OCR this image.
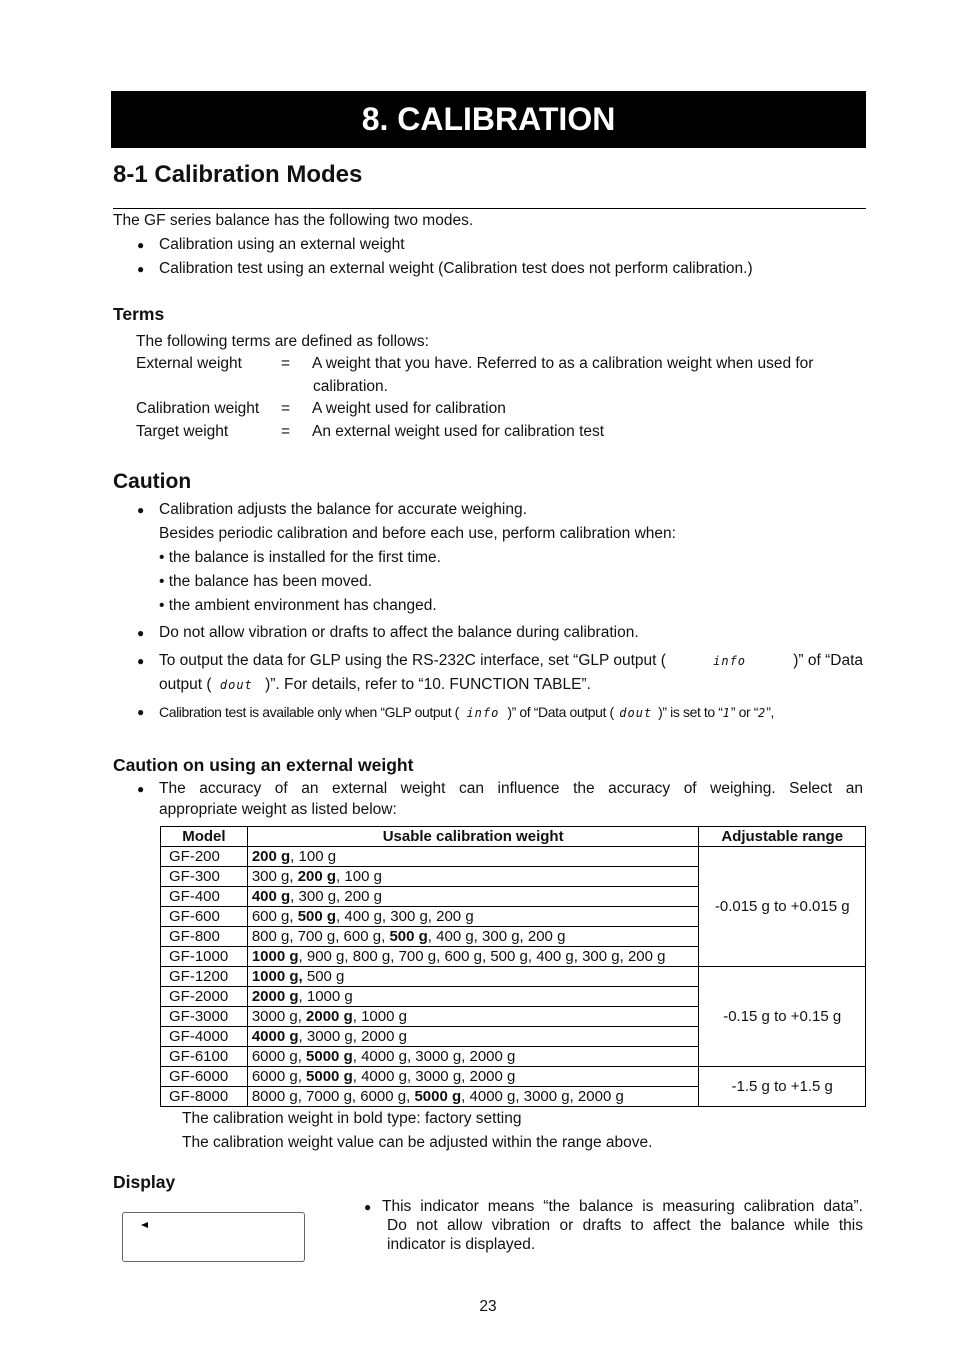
8. CALIBRATION
8-1 Calibration Modes
The GF series balance has the following two modes.
● Calibration using an external weight
● Calibration test using an external weight (Calibration test does not perform calibration.)
Terms
The following terms are defined as follows:
External weight	= A weight that you have. Referred to as a calibration weight when used for
calibration.
Calibration weight = A weight used for calibration
Target weight	= An external weight used for calibration test
Caution
● Calibration adjusts the balance for accurate weighing.
Besides periodic calibration and before each use, perform calibration when:
• the balance is installed for the first time.
• the balance has been moved.
• the ambient environment has changed.
● Do not allow vibration or drafts to affect the balance during calibration.
● To output the data for GLP using the RS-232C interface, set “GLP output (	info	)” of “Data
output ( dout )”. For details, refer to “10. FUNCTION TABLE”.
● Calibration test is available only when “GLP output ( info )” of “Data output ( dout )” is set to “1” or “2”,
Caution on using an external weight
● The accuracy of an external weight can influence the accuracy of weighing. Select an
appropriate weight as listed below:
Model	Usable calibration weight	Adjustable range
GF-200	200 g, 100 g	-0.015 g to +0.015 g
GF-300	300 g, 200 g, 100 g	
GF-400	400 g, 300 g, 200 g	
GF-600	600 g, 500 g, 400 g, 300 g, 200 g	
GF-800	800 g, 700 g, 600 g, 500 g, 400 g, 300 g, 200 g	
GF-1000	1000 g, 900 g, 800 g, 700 g, 600 g, 500 g, 400 g, 300 g, 200 g	
GF-1200	1000 g, 500 g	-0.15 g to +0.15 g
GF-2000	2000 g, 1000 g	
GF-3000	3000 g, 2000 g, 1000 g	
GF-4000	4000 g, 3000 g, 2000 g	
GF-6100	6000 g, 5000 g, 4000 g, 3000 g, 2000 g	
GF-6000	6000 g, 5000 g, 4000 g, 3000 g, 2000 g	-1.5 g to +1.5 g
GF-8000	8000 g, 7000 g, 6000 g, 5000 g, 4000 g, 3000 g, 2000 g	
The calibration weight in bold type: factory setting
The calibration weight value can be adjusted within the range above.
Display
● This indicator means “the balance is measuring calibration data”.
Do not allow vibration or drafts to affect the balance while this
indicator is displayed.
23
